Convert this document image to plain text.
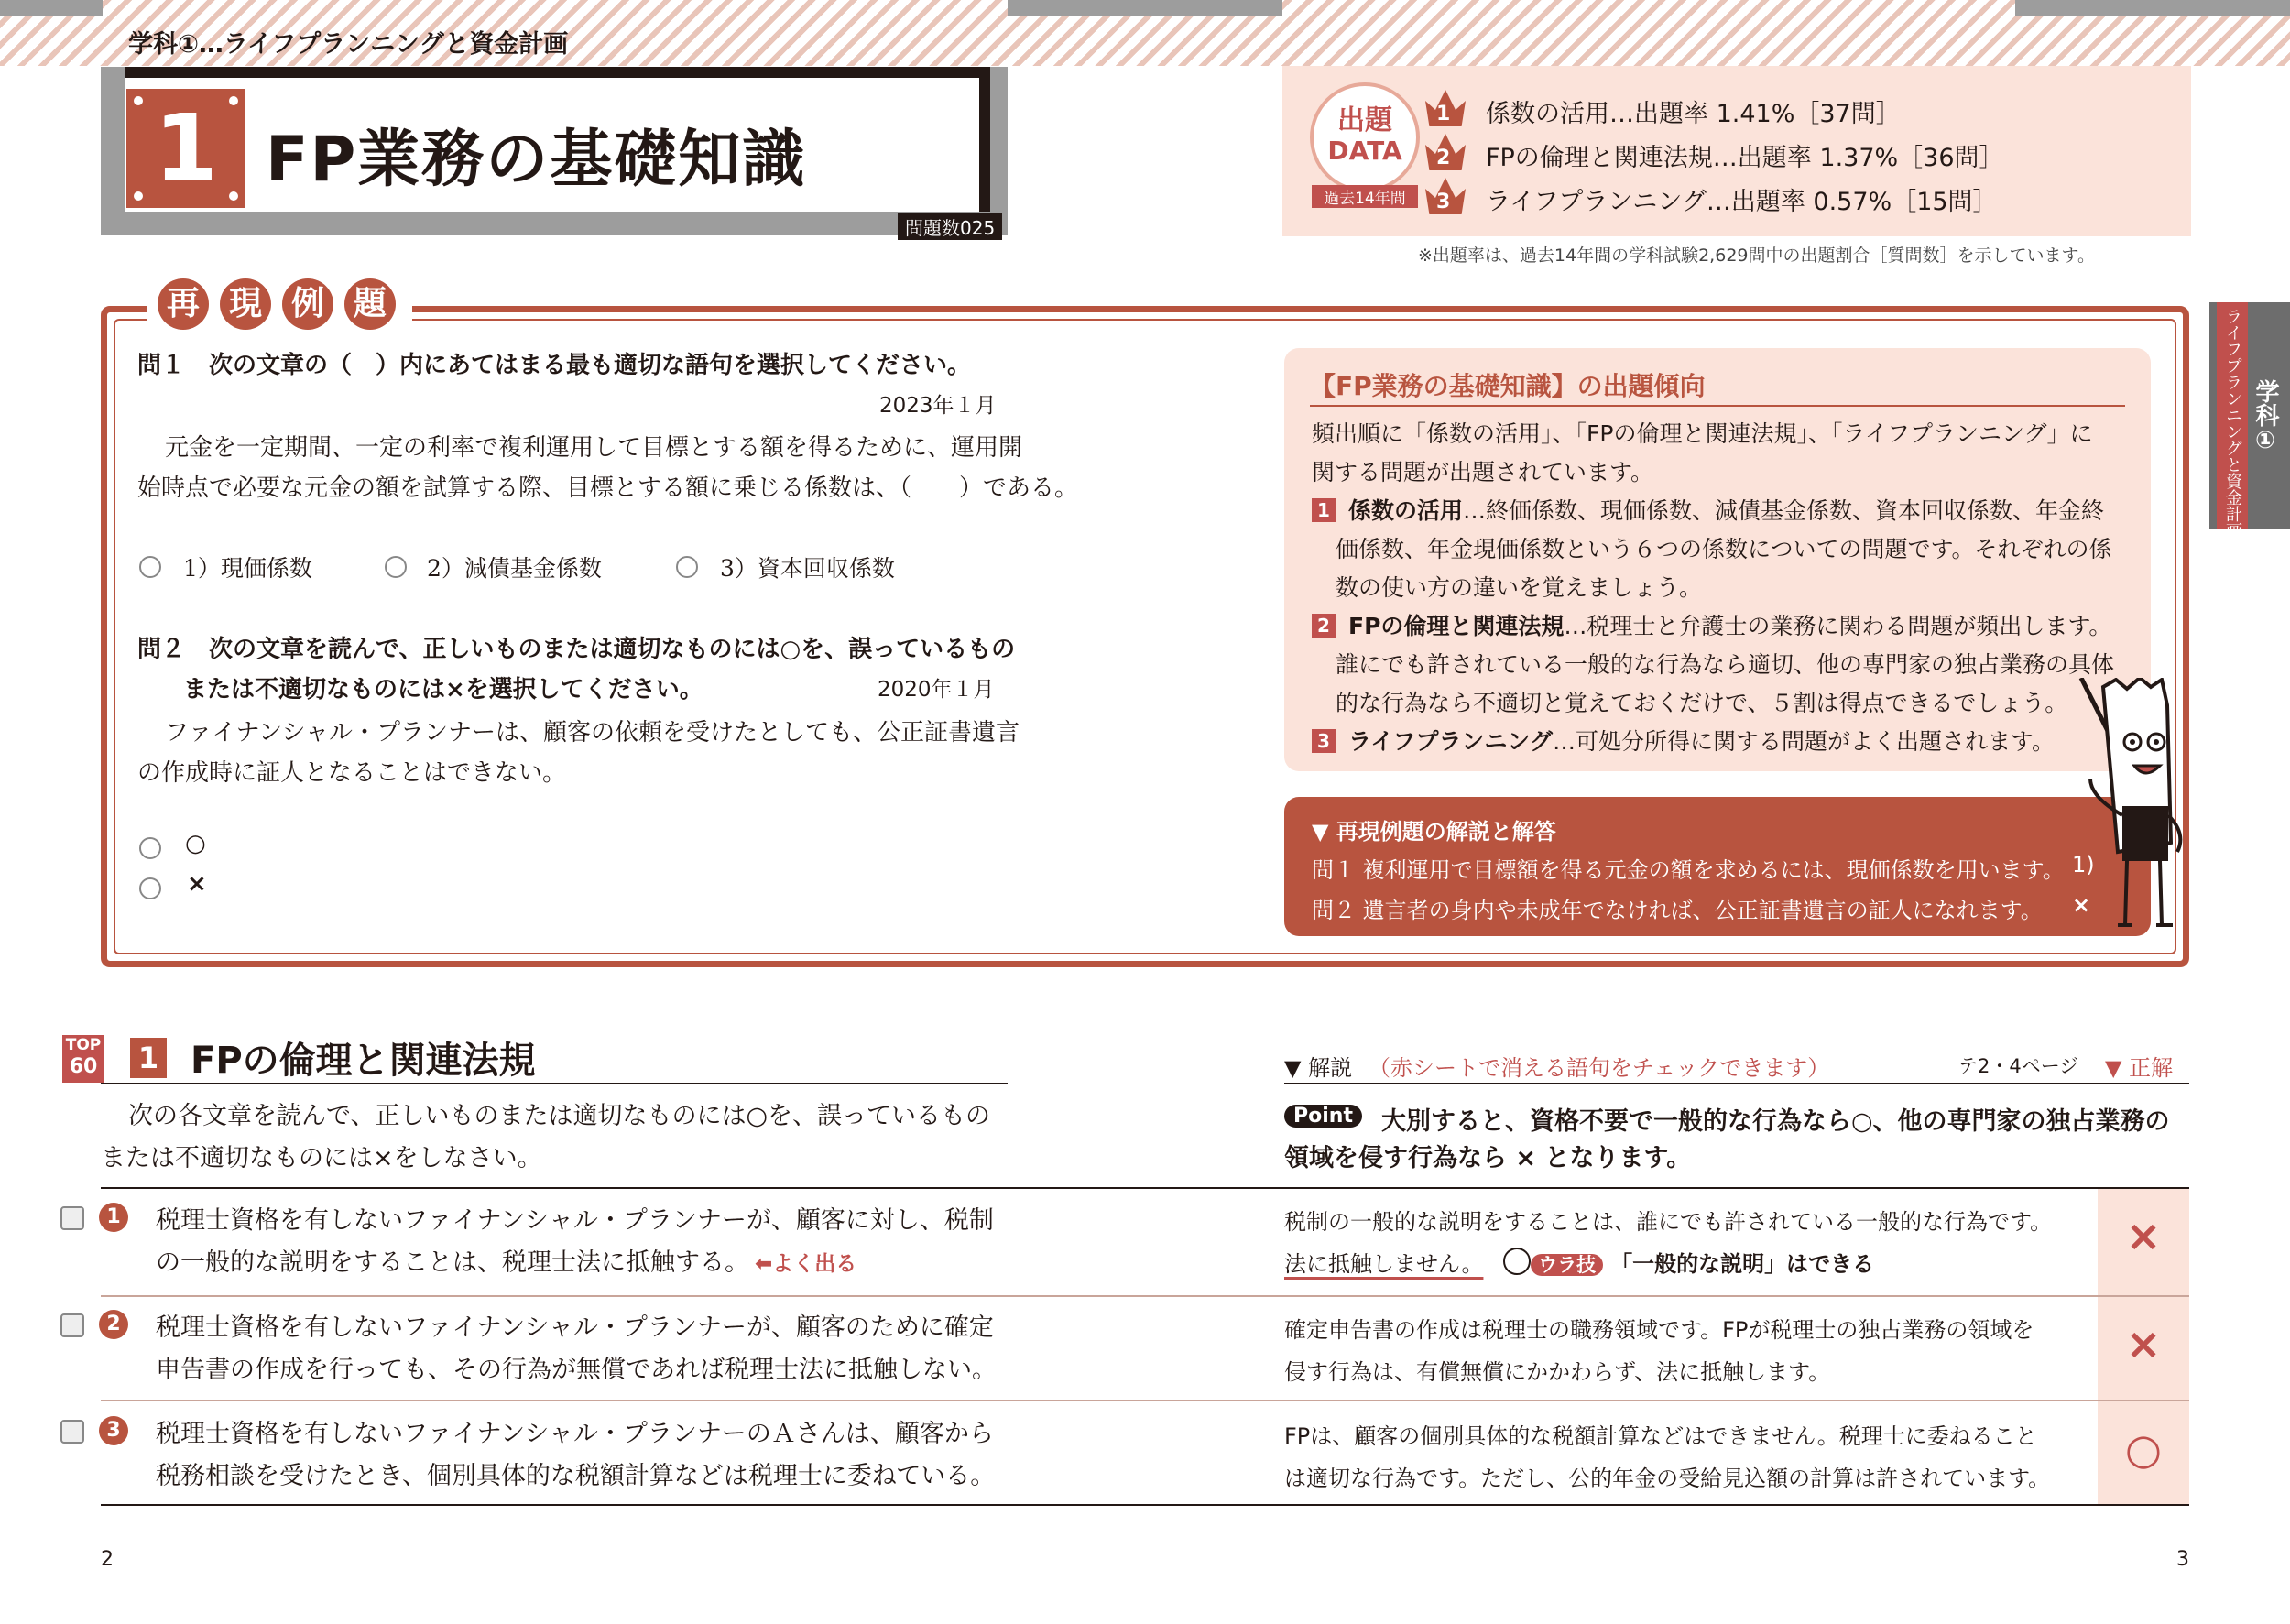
学科①…ライフプランニングと資金計画
1 FP業務の基礎知識
問題数025
出題
DATA
過去14年間
1 係数の活用…出題率 1.41%［37問］
2 FPの倫理と関連法規…出題率 1.37%［36問］
3 ライフプランニング…出題率 0.57%［15問］
※出題率は、過去14年間の学科試験2,629問中の出題割合［質問数］を示しています。
ライフプランニングと資金計画 学科①
再 現 例 題
問１　次の文章の（　）内にあてはまる最も適切な語句を選択してください。
2023年１月
元金を一定期間、一定の利率で複利運用して目標とする額を得るために、運用開
始時点で必要な元金の額を試算する際、目標とする額に乗じる係数は、（　　）である。
1）現価係数	2）減債基金係数	3）資本回収係数
問２　次の文章を読んで、正しいものまたは適切なものには○を、誤っているもの
または不適切なものには×を選択してください。	2020年１月
ファイナンシャル・プランナーは、顧客の依頼を受けたとしても、公正証書遺言
の作成時に証人となることはできない。
○
×
【FP業務の基礎知識】の出題傾向
頻出順に「係数の活用」、「FPの倫理と関連法規」、「ライフプランニング」に
関する問題が出題されています。
1 係数の活用…終価係数、現価係数、減債基金係数、資本回収係数、年金終
価係数、年金現価係数という６つの係数についての問題です。それぞれの係
数の使い方の違いを覚えましょう。
2 FPの倫理と関連法規…税理士と弁護士の業務に関わる問題が頻出します。
誰にでも許されている一般的な行為なら適切、他の専門家の独占業務の具体
的な行為なら不適切と覚えておくだけで、５割は得点できるでしょう。
3 ライフプランニング…可処分所得に関する問題がよく出題されます。
▼ 再現例題の解説と解答
問１ 複利運用で目標額を得る元金の額を求めるには、現価係数を用います。 1)
問２ 遺言者の身内や未成年でなければ、公正証書遺言の証人になれます。 ×
TOP
60 1 FPの倫理と関連法規
次の各文章を読んで、正しいものまたは適切なものには○を、誤っているもの
または不適切なものには×をしなさい。
▼ 解説 （赤シートで消える語句をチェックできます）	テ2・4ページ ▼ 正解
Point	大別すると、資格不要で一般的な行為なら○、他の専門家の独占業務の
領域を侵す行為なら × となります。
1	税理士資格を有しないファイナンシャル・プランナーが、顧客に対し、税制
の一般的な説明をすることは、税理士法に抵触する。 ⬅よく出る
税制の一般的な説明をすることは、誰にでも許されている一般的な行為です。
法に抵触しません。	ウラ技 「一般的な説明」はできる
×
2	税理士資格を有しないファイナンシャル・プランナーが、顧客のために確定
申告書の作成を行っても、その行為が無償であれば税理士法に抵触しない。
確定申告書の作成は税理士の職務領域です。FPが税理士の独占業務の領域を
侵す行為は、有償無償にかかわらず、法に抵触します。
×
3	税理士資格を有しないファイナンシャル・プランナーのＡさんは、顧客から
税務相談を受けたとき、個別具体的な税額計算などは税理士に委ねている。
FPは、顧客の個別具体的な税額計算などはできません。税理士に委ねること
は適切な行為です。ただし、公的年金の受給見込額の計算は許されています。
○
2	3
